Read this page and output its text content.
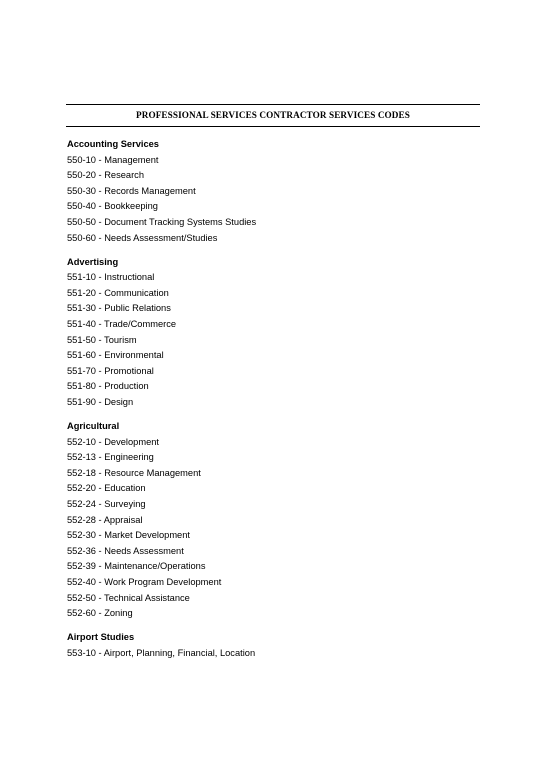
PROFESSIONAL SERVICES CONTRACTOR SERVICES CODES
Accounting Services
550-10 - Management
550-20 - Research
550-30 - Records Management
550-40 - Bookkeeping
550-50 - Document Tracking Systems Studies
550-60 - Needs Assessment/Studies
Advertising
551-10 - Instructional
551-20 - Communication
551-30 - Public Relations
551-40 - Trade/Commerce
551-50 - Tourism
551-60 - Environmental
551-70 - Promotional
551-80 - Production
551-90 - Design
Agricultural
552-10 - Development
552-13 - Engineering
552-18 - Resource Management
552-20 - Education
552-24 - Surveying
552-28 - Appraisal
552-30 - Market Development
552-36 - Needs Assessment
552-39 - Maintenance/Operations
552-40 - Work Program Development
552-50 - Technical Assistance
552-60 - Zoning
Airport Studies
553-10 - Airport, Planning, Financial, Location
